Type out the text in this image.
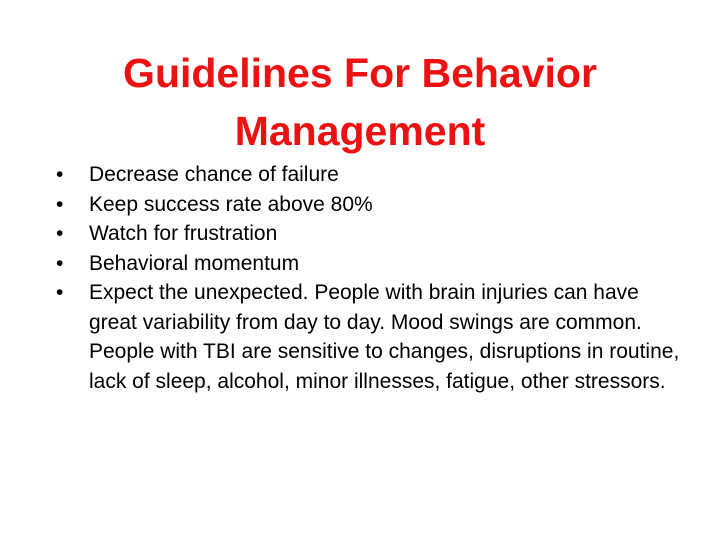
Guidelines For Behavior
Management
•	Decrease chance of failure
•	Keep success rate above 80%
•	Watch for frustration
•	Behavioral momentum
•	Expect the unexpected. People with brain injuries can have great variability from day to day. Mood swings are common. People with TBI are sensitive to changes, disruptions in routine, lack of sleep, alcohol, minor illnesses, fatigue, other stressors.
